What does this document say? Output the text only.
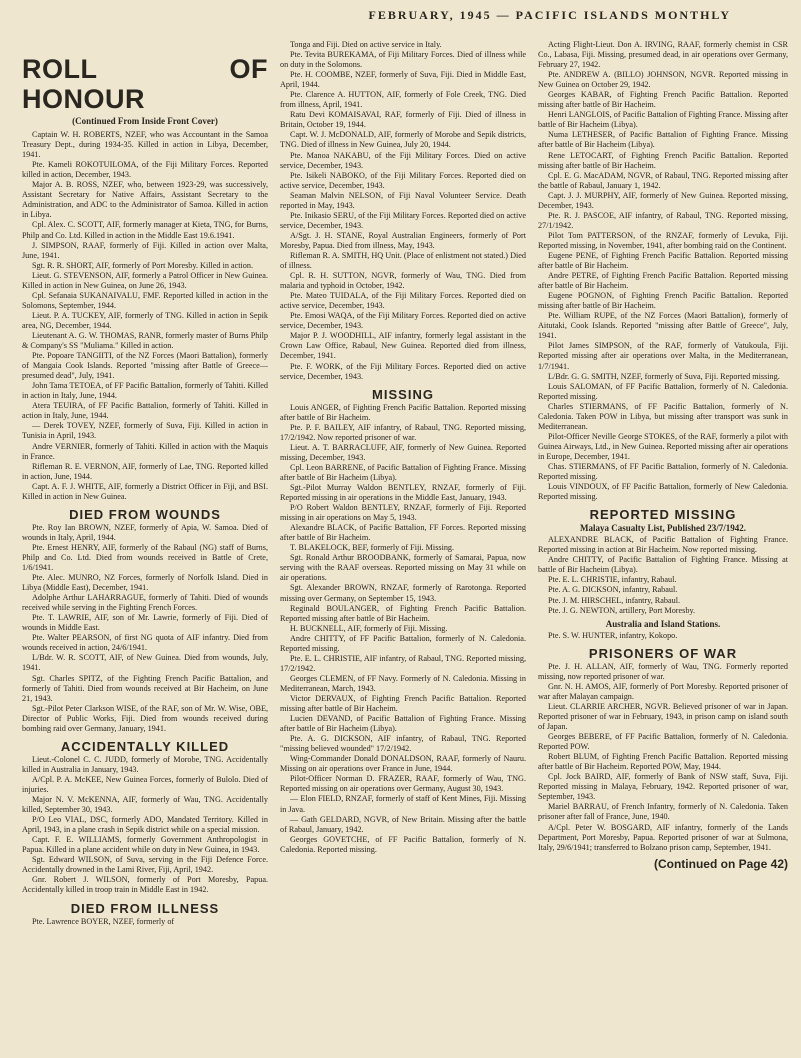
FEBRUARY, 1945 — PACIFIC ISLANDS MONTHLY
ROLL OF HONOUR
(Continued From Inside Front Cover)

Captain W. H. ROBERTS, NZEF, who was Accountant in the Samoa Treasury Dept., during 1934-35. Killed in action in Libya, December, 1941.

Pte. Kameli ROKOTUILOMA, of the Fiji Military Forces. Reported killed in action, December, 1943.

Major A. B. ROSS, NZEF, who, between 1923-29, was successively, Assistant Secretary for Native Affairs, Assistant Secretary to the Administration, and ADC to the Administrator of Samoa. Killed in action in Libya.

Cpl. Alex. C. SCOTT, AIF, formerly manager at Kieta, TNG, for Burns, Philp and Co. Ltd. Killed in action in the Middle East 19.6.1941.

J. SIMPSON, RAAF, formerly of Fiji. Killed in action over Malta, June, 1941.

Sgt. R. R. SHORT, AIF, formerly of Port Moresby. Killed in action.

Lieut. G. STEVENSON, AIF, formerly a Patrol Officer in New Guinea. Killed in action in New Guinea, on June 26, 1943.

Cpl. Sefanaia SUKANAIVALU, FMF. Reported killed in action in the Solomons, September, 1944.

Lieut. P. A. TUCKEY, AIF, formerly of TNG. Killed in action in Sepik area, NG, December, 1944.

Lieutenant A. G. W. THOMAS, RANR, formerly master of Burns Philp & Company's SS "Muliama." Killed in action.

Pte. Popoare TANGIITI, of the NZ Forces (Maori Battalion), formerly of Mangaia Cook Islands. Reported "missing after Battle of Greece—presumed dead", July, 1941.

John Tama TETOEA, of FF Pacific Battalion, formerly of Tahiti. Killed in action in Italy, June, 1944.

Atera TEUIRA, of FF Pacific Battalion, formerly of Tahiti. Killed in action in Italy, June, 1944.

— Derek TOVEY, NZEF, formerly of Suva, Fiji. Killed in action in Tunisia in April, 1943.

Andre VERNIER, formerly of Tahiti. Killed in action with the Maquis in France.

Rifleman R. E. VERNON, AIF, formerly of Lae, TNG. Reported killed in action, June, 1944.

Capt. A. F. J. WHITE, AIF, formerly a District Officer in Fiji, and BSI. Killed in action in New Guinea.

DIED FROM WOUNDS

Pte. Roy Ian BROWN, NZEF, formerly of Apia, W. Samoa. Died of wounds in Italy, April, 1944.

Pte. Ernest HENRY, AIF, formerly of the Rabaul (NG) staff of Burns, Philp and Co. Ltd. Died from wounds received in Battle of Crete, 1/6/1941.

Pte. Alec. MUNRO, NZ Forces, formerly of Norfolk Island. Died in Libya (Middle East), December, 1941.

Adolphe Arthur LAHARRAGUE, formerly of Tahiti. Died of wounds received while serving in the Fighting French Forces.

Pte. T. LAWRIE, AIF, son of Mr. Lawrie, formerly of Fiji. Died of wounds in Middle East.

Pte. Walter PEARSON, of first NG quota of AIF infantry. Died from wounds received in action, 24/6/1941.

L/Bdr. W. R. SCOTT, AIF, of New Guinea. Died from wounds, July, 1941.

Sgt. Charles SPITZ, of the Fighting French Pacific Battalion, and formerly of Tahiti. Died from wounds received at Bir Hacheim, on June 21, 1943.

Sgt.-Pilot Peter Clarkson WISE, of the RAF, son of Mr. W. Wise, OBE, Director of Public Works, Fiji. Died from wounds received during bombing raid over Germany, January, 1941.

ACCIDENTALLY KILLED

Lieut.-Colonel C. C. JUDD, formerly of Morobe, TNG. Accidentally killed in Australia in January, 1943.

A/Cpl. P. A. McKEE, New Guinea Forces, formerly of Bulolo. Died of injuries.

Major N. V. McKENNA, AIF, formerly of Wau, TNG. Accidentally killed, September 30, 1943.

P/O Leo VIAL, DSC, formerly ADO, Mandated Territory. Killed in April, 1943, in a plane crash in Sepik district while on a special mission.

Capt. F. E. WILLIAMS, formerly Government Anthropologist in Papua. Killed in a plane accident while on duty in New Guinea, in 1943.

Sgt. Edward WILSON, of Suva, serving in the Fiji Defence Force. Accidentally drowned in the Lami River, Fiji, April, 1942.

Gnr. Robert J. WILSON, formerly of Port Moresby, Papua. Accidentally killed in troop train in Middle East in 1942.

DIED FROM ILLNESS

Pte. Lawrence BOYER, NZEF, formerly of

Tonga and Fiji. Died on active service in Italy.

Pte. Tevita BUREKAMA, of Fiji Military Forces. Died of illness while on duty in the Solomons.

Pte. H. COOMBE, NZEF, formerly of Suva, Fiji. Died in Middle East, April, 1944.

Pte. Clarence A. HUTTON, AIF, formerly of Fole Creek, TNG. Died from illness, April, 1941.

Ratu Devi KOMAISAVAI, RAF, formerly of Fiji. Died of illness in Britain, October 19, 1944.

Capt. W. J. McDONALD, AIF, formerly of Morobe and Sepik districts, TNG. Died of illness in New Guinea, July 20, 1944.

Pte. Manoa NAKABU, of the Fiji Military Forces. Died on active service, December, 1943.

Pte. Isikeli NABOKO, of the Fiji Military Forces. Reported died on active service, December, 1943.

Seaman Malvin NELSON, of Fiji Naval Volunteer Service. Death reported in May, 1943.

Pte. Inikasio SERU, of the Fiji Military Forces. Reported died on active service, December, 1943.

A/Sgt. J. H. STANE, Royal Australian Engineers, formerly of Port Moresby, Papua. Died from illness, May, 1943.

Rifleman R. A. SMITH, HQ Unit. (Place of enlistment not stated.) Died of illness.

Cpl. R. H. SUTTON, NGVR, formerly of Wau, TNG. Died from malaria and typhoid in October, 1942.

Pte. Mateo TUIDALA, of the Fiji Military Forces. Reported died on active service, December, 1943.

Pte. Emosi WAQA, of the Fiji Military Forces. Reported died on active service, December, 1943.

Major P. J. WOODHILL, AIF infantry, formerly legal assistant in the Crown Law Office, Rabaul, New Guinea. Reported died from illness, December, 1941.

Pte. F. WORK, of the Fiji Military Forces. Reported died on active service, December, 1943.

MISSING

Louis ANGER, of Fighting French Pacific Battalion. Reported missing after battle of Bir Hacheim.

Pte. P. F. BAILEY, AIF infantry, of Rabaul, TNG. Reported missing, 17/2/1942. Now reported prisoner of war.

Lieut. A. T. BARRACLUFF, AIF, formerly of New Guinea. Reported missing, December, 1943.

Cpl. Leon BARRENE, of Pacific Battalion of Fighting France. Missing after battle of Bir Hacheim (Libya).

Sgt.-Pilot Murray Waldon BENTLEY, RNZAF, formerly of Fiji. Reported missing in air operations in the Middle East, January, 1943.

P/O Robert Waldon BENTLEY, RNZAF, formerly of Fiji. Reported missing in air operations on May 5, 1943.

Alexandre BLACK, of Pacific Battalion, FF Forces. Reported missing after battle of Bir Hacheim.

T. BLAKELOCK, BEF, formerly of Fiji. Missing.

Sgt. Ronald Arthur BROODBANK, formerly of Samarai, Papua, now serving with the RAAF overseas. Reported missing on May 31 while on air operations.

Sgt. Alexander BROWN, RNZAF, formerly of Rarotonga. Reported missing over Germany, on September 15, 1943.

Reginald BOULANGER, of Fighting French Pacific Battalion. Reported missing after battle of Bir Hacheim.

H. BUCKNELL, AIF, formerly of Fiji. Missing.

Andre CHITTY, of FF Pacific Battalion, formerly of N. Caledonia. Reported missing.

Pte. E. L. CHRISTIE, AIF infantry, of Rabaul, TNG. Reported missing, 17/2/1942.

Georges CLEMEN, of FF Navy. Formerly of N. Caledonia. Missing in Mediterranean, March, 1943.

Victor DERVAUX, of Fighting French Pacific Battalion. Reported missing after battle of Bir Hacheim.

Lucien DEVAND, of Pacific Battalion of Fighting France. Missing after battle of Bir Hacheim (Libya).

Pte. A. G. DICKSON, AIF infantry, of Rabaul, TNG. Reported "missing believed wounded" 17/2/1942.

Wing-Commander Donald DONALDSON, RAAF, formerly of Nauru. Missing on air operations over France in June, 1944.

Pilot-Officer Norman D. FRAZER, RAAF, formerly of Wau, TNG. Reported missing on air operations over Germany, August 30, 1943.

— Elon FIELD, RNZAF, formerly of staff of Kent Mines, Fiji. Missing in Java.

— Gath GELDARD, NGVR, of New Britain. Missing after the battle of Rabaul, January, 1942.

Georges GOVETCHE, of FF Pacific Battalion, formerly of N. Caledonia. Reported missing.

Acting Flight-Lieut. Don A. IRVING, RAAF, formerly chemist in CSR Co., Labasa, Fiji. Missing, presumed dead, in air operations over Germany, February 27, 1942.

Pte. ANDREW A. (BILLO) JOHNSON, NGVR. Reported missing in New Guinea on October 29, 1942.

Georges KABAR, of Fighting French Pacific Battalion. Reported missing after battle of Bir Hacheim.

Henri LANGLOIS, of Pacific Battalion of Fighting France. Missing after battle of Bir Hacheim (Libya).

Numa LETHESER, of Pacific Battalion of Fighting France. Missing after battle of Bir Hacheim (Libya).

Rene LETOCART, of Fighting French Pacific Battalion. Reported missing after battle of Bir Hacheim.

Cpl. E. G. MacADAM, NGVR, of Rabaul, TNG. Reported missing after the battle of Rabaul, January 1, 1942.

Capt. J. J. MURPHY, AIF, formerly of New Guinea. Reported missing, December, 1943.

Pte. R. J. PASCOE, AIF infantry, of Rabaul, TNG. Reported missing, 27/1/1942.

Pilot Tom PATTERSON, of the RNZAF, formerly of Levuka, Fiji. Reported missing, in November, 1941, after bombing raid on the Continent.

Eugene PENE, of Fighting French Pacific Battalion. Reported missing after battle of Bir Hacheim.

Andre PETRE, of Fighting French Pacific Battalion. Reported missing after battle of Bir Hacheim.

Eugene POGNON, of Fighting French Pacific Battalion. Reported missing after battle of Bir Hacheim.

Pte. William RUPE, of the NZ Forces (Maori Battalion), formerly of Aitutaki, Cook Islands. Reported "missing after Battle of Greece", July, 1941.

Pilot James SIMPSON, of the RAF, formerly of Vatukoula, Fiji. Reported missing after air operations over Malta, in the Mediterranean, 1/7/1941.

L/Bdr. G. G. SMITH, NZEF, formerly of Suva, Fiji. Reported missing.

Louis SALOMAN, of FF Pacific Battalion, formerly of N. Caledonia. Reported missing.

Charles STIERMANS, of FF Pacific Battalion, formerly of N. Caledonia. Taken POW in Libya, but missing after transport was sunk in Mediterranean.

Pilot-Officer Neville George STOKES, of the RAF, formerly a pilot with Guinea Airways, Ltd., in New Guinea. Reported missing after air operations in Europe, December, 1941.

Chas. STIERMANS, of FF Pacific Battalion, formerly of N. Caledonia. Reported missing.

Louis VINDOUX, of FF Pacific Battalion, formerly of New Caledonia. Reported missing.

REPORTED MISSING
Malaya Casualty List, Published 23/7/1942.

ALEXANDRE BLACK, of Pacific Battalion of Fighting France. Reported missing in action at Bir Hacheim. Now reported missing.

Andre CHITTY, of Pacific Battalion of Fighting France. Missing at battle of Bir Hacheim (Libya).

Pte. E. L. CHRISTIE, infantry, Rabaul.

Pte. A. G. DICKSON, infantry, Rabaul.

Pte. J. M. HIRSCHEL, infantry, Rabaul.

Pte. J. G. NEWTON, artillery, Port Moresby.

Australia and Island Stations.

Pte. S. W. HUNTER, infantry, Kokopo.

PRISONERS OF WAR

Pte. J. H. ALLAN, AIF, formerly of Wau, TNG. Formerly reported missing, now reported prisoner of war.

Gnr. N. H. AMOS, AIF, formerly of Port Moresby. Reported prisoner of war after Malayan campaign.

Lieut. CLARRIE ARCHER, NGVR. Believed prisoner of war in Japan. Reported prisoner of war in February, 1943, in prison camp on island south of Japan.

Georges BEBERE, of FF Pacific Battalion, formerly of N. Caledonia. Reported POW.

Robert BLUM, of Fighting French Pacific Battalion. Reported missing after battle of Bir Hacheim. Reported POW, May, 1944.

Cpl. Jock BAIRD, AIF, formerly of Bank of NSW staff, Suva, Fiji. Reported missing in Malaya, February, 1942. Reported prisoner of war, September, 1943.

Mariel BARRAU, of French Infantry, formerly of N. Caledonia. Taken prisoner after fall of France, June, 1940.

A/Cpl. Peter W. BOSGARD, AIF infantry, formerly of the Lands Department, Port Moresby, Papua. Reported prisoner of war at Sulmona, Italy, 29/6/1941; transferred to Bolzano prison camp, September, 1941.

(Continued on Page 42)
